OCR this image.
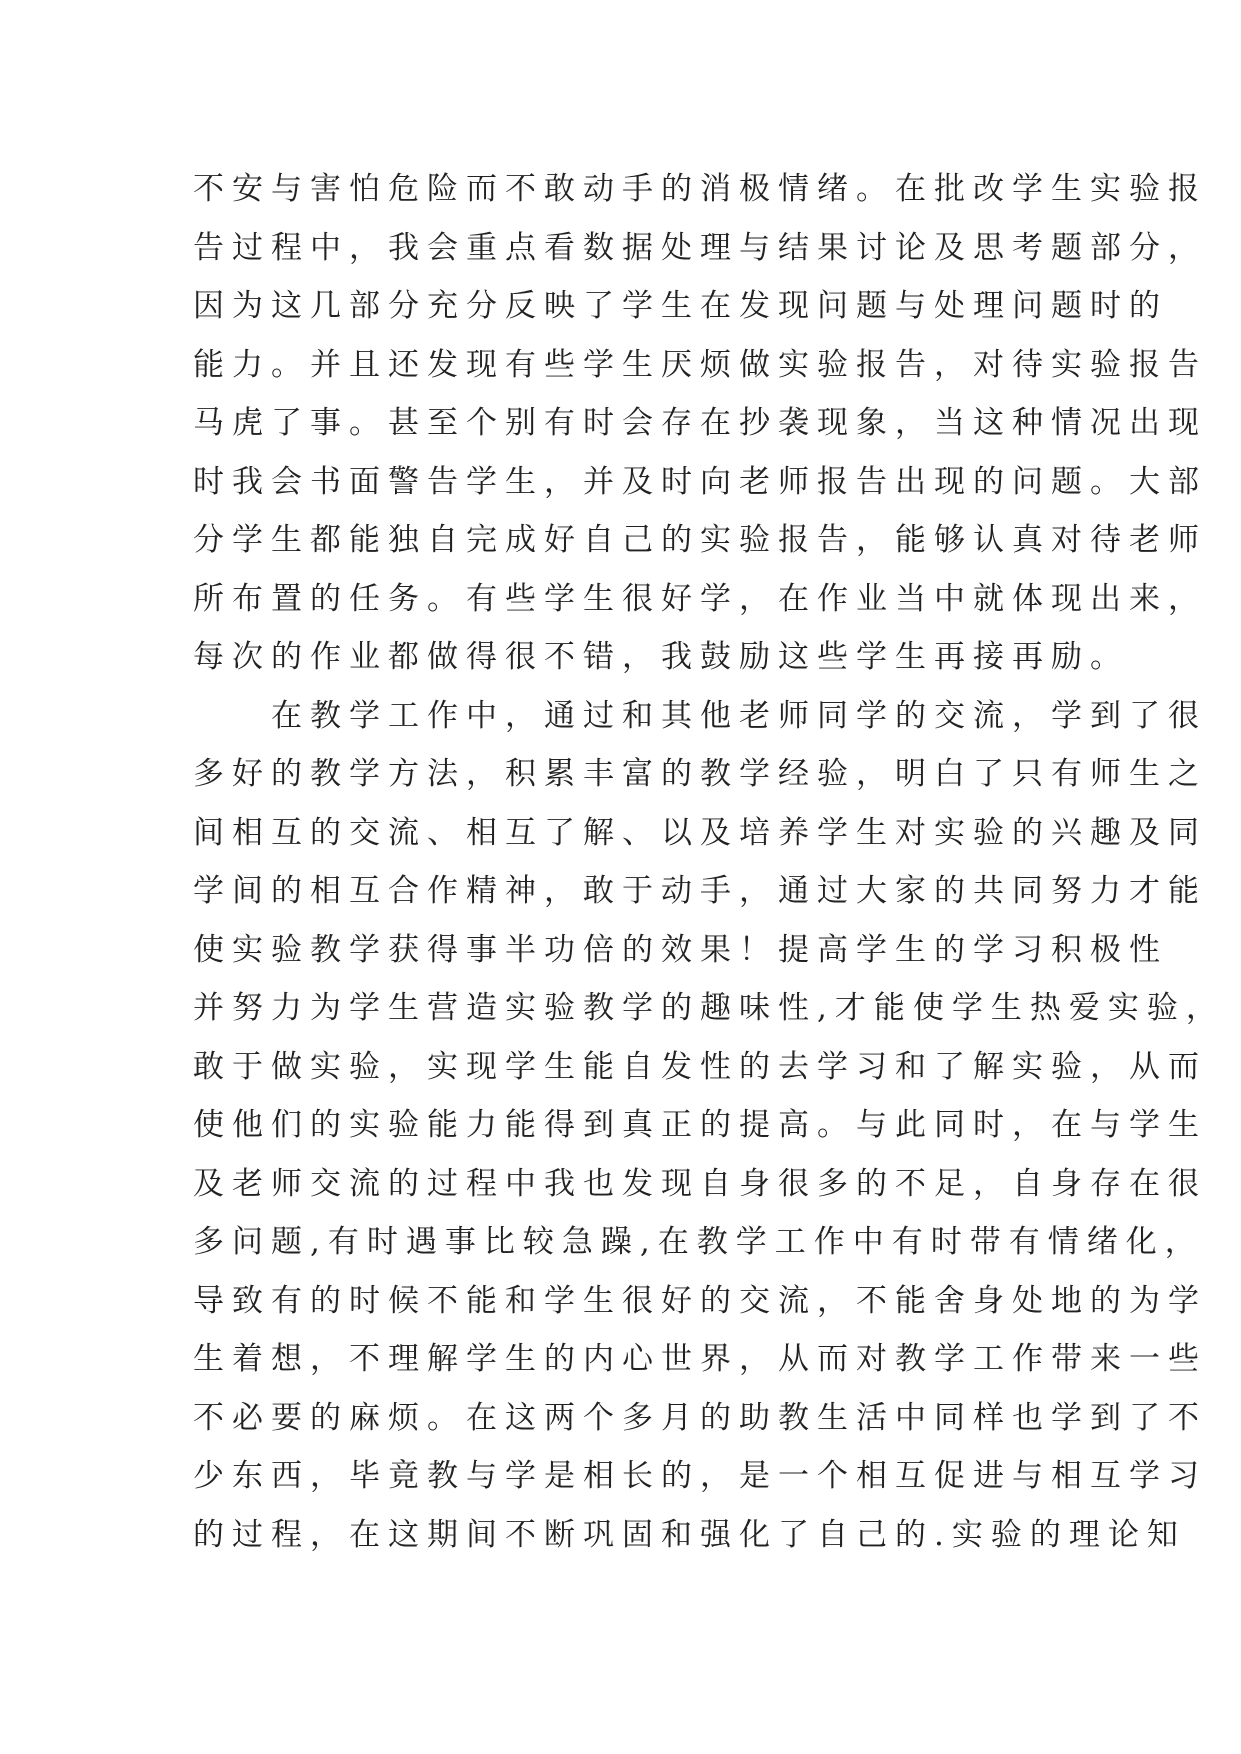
不安与害怕危险而不敢动手的消极情绪。在批改学生实验报
告过程中，我会重点看数据处理与结果讨论及思考题部分，
因为这几部分充分反映了学生在发现问题与处理问题时的
能力。并且还发现有些学生厌烦做实验报告，对待实验报告
马虎了事。甚至个别有时会存在抄袭现象，当这种情况出现
时我会书面警告学生，并及时向老师报告出现的问题。大部
分学生都能独自完成好自己的实验报告，能够认真对待老师
所布置的任务。有些学生很好学，在作业当中就体现出来，
每次的作业都做得很不错，我鼓励这些学生再接再励。
　　在教学工作中，通过和其他老师同学的交流，学到了很
多好的教学方法，积累丰富的教学经验，明白了只有师生之
间相互的交流、相互了解、以及培养学生对实验的兴趣及同
学间的相互合作精神，敢于动手，通过大家的共同努力才能
使实验教学获得事半功倍的效果！提高学生的学习积极性
并努力为学生营造实验教学的趣味性,才能使学生热爱实验，
敢于做实验，实现学生能自发性的去学习和了解实验，从而
使他们的实验能力能得到真正的提高。与此同时，在与学生
及老师交流的过程中我也发现自身很多的不足，自身存在很
多问题,有时遇事比较急躁,在教学工作中有时带有情绪化，
导致有的时候不能和学生很好的交流，不能舍身处地的为学
生着想，不理解学生的内心世界，从而对教学工作带来一些
不必要的麻烦。在这两个多月的助教生活中同样也学到了不
少东西，毕竟教与学是相长的，是一个相互促进与相互学习
的过程，在这期间不断巩固和强化了自己的.实验的理论知
